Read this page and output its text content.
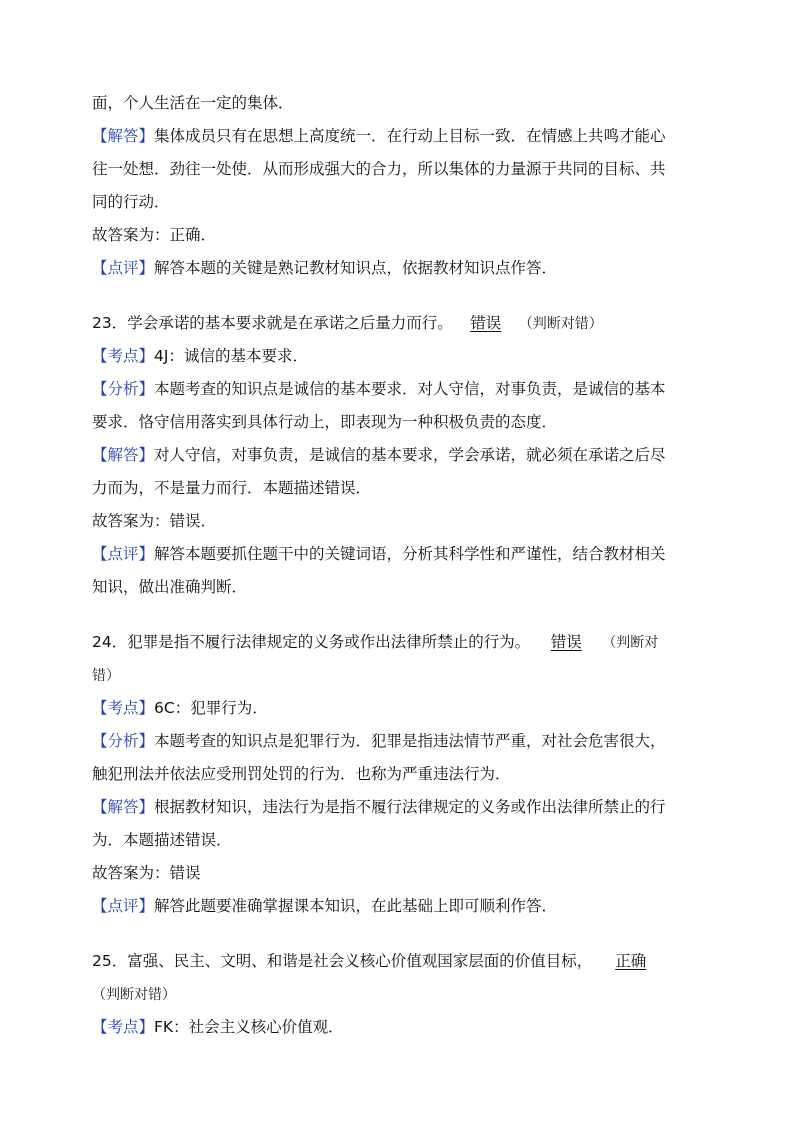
面，个人生活在一定的集体．
【解答】集体成员只有在思想上高度统一．在行动上目标一致．在情感上共鸣才能心
往一处想．劲往一处使．从而形成强大的合力，所以集体的力量源于共同的目标、共
同的行动．
故答案为：正确．
【点评】解答本题的关键是熟记教材知识点，依据教材知识点作答．
23．学会承诺的基本要求就是在承诺之后量力而行。 错误 （判断对错）
【考点】4J：诚信的基本要求．
【分析】本题考查的知识点是诚信的基本要求．对人守信，对事负责，是诚信的基本
要求．恪守信用落实到具体行动上，即表现为一种积极负责的态度．
【解答】对人守信，对事负责，是诚信的基本要求，学会承诺，就必须在承诺之后尽
力而为，不是量力而行．本题描述错误．
故答案为：错误．
【点评】解答本题要抓住题干中的关键词语，分析其科学性和严谨性，结合教材相关
知识，做出准确判断．
24．犯罪是指不履行法律规定的义务或作出法律所禁止的行为。 错误 （判断对
错）
【考点】6C：犯罪行为．
【分析】本题考查的知识点是犯罪行为．犯罪是指违法情节严重，对社会危害很大，
触犯刑法并依法应受刑罚处罚的行为．也称为严重违法行为．
【解答】根据教材知识，违法行为是指不履行法律规定的义务或作出法律所禁止的行
为．本题描述错误．
故答案为：错误
【点评】解答此题要准确掌握课本知识，在此基础上即可顺利作答．
25．富强、民主、文明、和谐是社会义核心价值观国家层面的价值目标， 正确
（判断对错）
【考点】FK：社会主义核心价值观．
